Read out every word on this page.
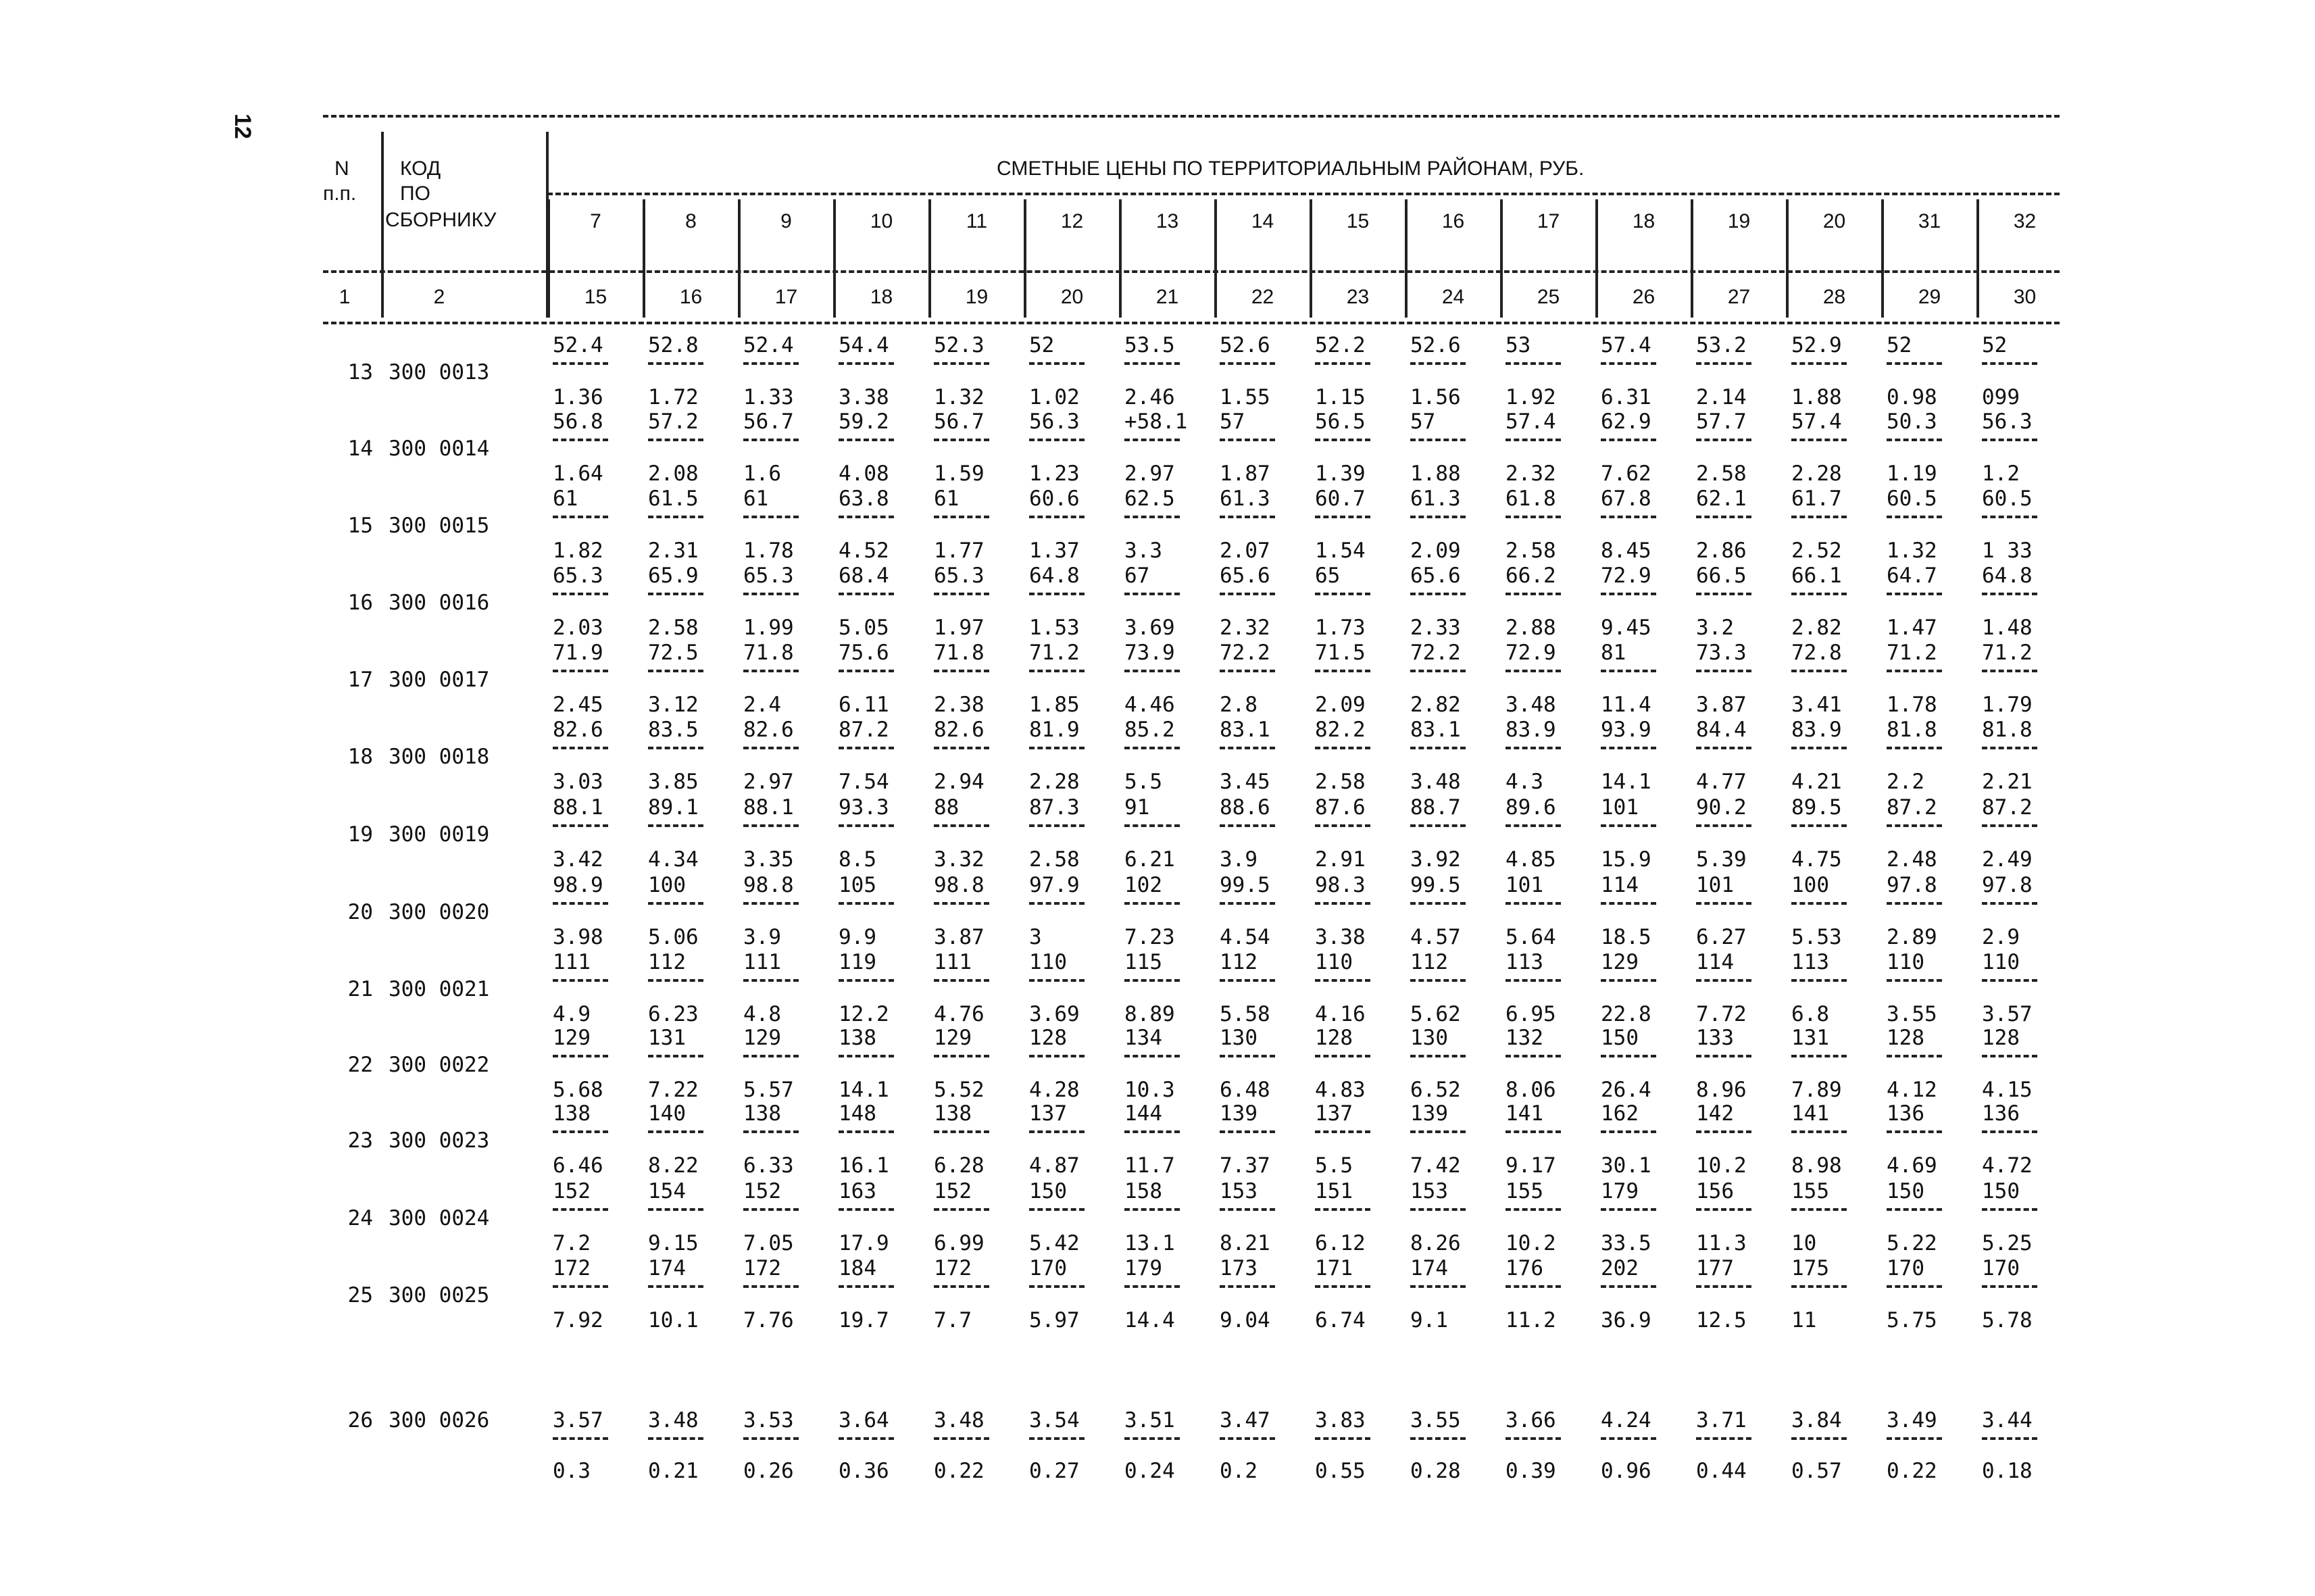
12
N
п.п.
КОД
ПО
СБОРНИКУ
СМЕТНЫЕ ЦЕНЫ ПО ТЕРРИТОРИАЛЬНЫМ РАЙОНАМ, РУБ.
1	2
7
15
8
16
9
17
10
18
11
19
12
20
13
21
14
22
15
23
16
24
17
25
18
26
19
27
20
28
31
29
32
30
13 300 0013
52.4
1.36
52.8
1.72
52.4
1.33
54.4
3.38
52.3
1.32
52
1.02
53.5
2.46
52.6
1.55
52.2
1.15
52.6
1.56
53
1.92
57.4
6.31
53.2
2.14
52.9
1.88
52
0.98
52
099
14 300 0014
56.8
1.64
57.2
2.08
56.7
1.6
59.2
4.08
56.7
1.59
56.3
1.23
+58.1
2.97
57
1.87
56.5
1.39
57
1.88
57.4
2.32
62.9
7.62
57.7
2.58
57.4
2.28
50.3
1.19
56.3
1.2
15 300 0015
61
1.82
61.5
2.31
61
1.78
63.8
4.52
61
1.77
60.6
1.37
62.5
3.3
61.3
2.07
60.7
1.54
61.3
2.09
61.8
2.58
67.8
8.45
62.1
2.86
61.7
2.52
60.5
1.32
60.5
1 33
16 300 0016
65.3
2.03
65.9
2.58
65.3
1.99
68.4
5.05
65.3
1.97
64.8
1.53
67
3.69
65.6
2.32
65
1.73
65.6
2.33
66.2
2.88
72.9
9.45
66.5
3.2
66.1
2.82
64.7
1.47
64.8
1.48
17 300 0017
71.9
2.45
72.5
3.12
71.8
2.4
75.6
6.11
71.8
2.38
71.2
1.85
73.9
4.46
72.2
2.8
71.5
2.09
72.2
2.82
72.9
3.48
81
11.4
73.3
3.87
72.8
3.41
71.2
1.78
71.2
1.79
18 300 0018
82.6
3.03
83.5
3.85
82.6
2.97
87.2
7.54
82.6
2.94
81.9
2.28
85.2
5.5
83.1
3.45
82.2
2.58
83.1
3.48
83.9
4.3
93.9
14.1
84.4
4.77
83.9
4.21
81.8
2.2
81.8
2.21
19 300 0019
88.1
3.42
89.1
4.34
88.1
3.35
93.3
8.5
88
3.32
87.3
2.58
91
6.21
88.6
3.9
87.6
2.91
88.7
3.92
89.6
4.85
101
15.9
90.2
5.39
89.5
4.75
87.2
2.48
87.2
2.49
20 300 0020
98.9
3.98
100
5.06
98.8
3.9
105
9.9
98.8
3.87
97.9
3
102
7.23
99.5
4.54
98.3
3.38
99.5
4.57
101
5.64
114
18.5
101
6.27
100
5.53
97.8
2.89
97.8
2.9
21 300 0021
111
4.9
112
6.23
111
4.8
119
12.2
111
4.76
110
3.69
115
8.89
112
5.58
110
4.16
112
5.62
113
6.95
129
22.8
114
7.72
113
6.8
110
3.55
110
3.57
22 300 0022
129
5.68
131
7.22
129
5.57
138
14.1
129
5.52
128
4.28
134
10.3
130
6.48
128
4.83
130
6.52
132
8.06
150
26.4
133
8.96
131
7.89
128
4.12
128
4.15
23 300 0023
138
6.46
140
8.22
138
6.33
148
16.1
138
6.28
137
4.87
144
11.7
139
7.37
137
5.5
139
7.42
141
9.17
162
30.1
142
10.2
141
8.98
136
4.69
136
4.72
24 300 0024
152
7.2
154
9.15
152
7.05
163
17.9
152
6.99
150
5.42
158
13.1
153
8.21
151
6.12
153
8.26
155
10.2
179
33.5
156
11.3
155
10
150
5.22
150
5.25
25 300 0025
172
7.92
174
10.1
172
7.76
184
19.7
172
7.7
170
5.97
179
14.4
173
9.04
171
6.74
174
9.1
176
11.2
202
36.9
177
12.5
175
11
170
5.75
170
5.78
26 300 0026	3.57
0.3
3.48
0.21
3.53
0.26
3.64
0.36
3.48
0.22
3.54
0.27
3.51
0.24
3.47
0.2
3.83
0.55
3.55
0.28
3.66
0.39
4.24
0.96
3.71
0.44
3.84
0.57
3.49
0.22
3.44
0.18
